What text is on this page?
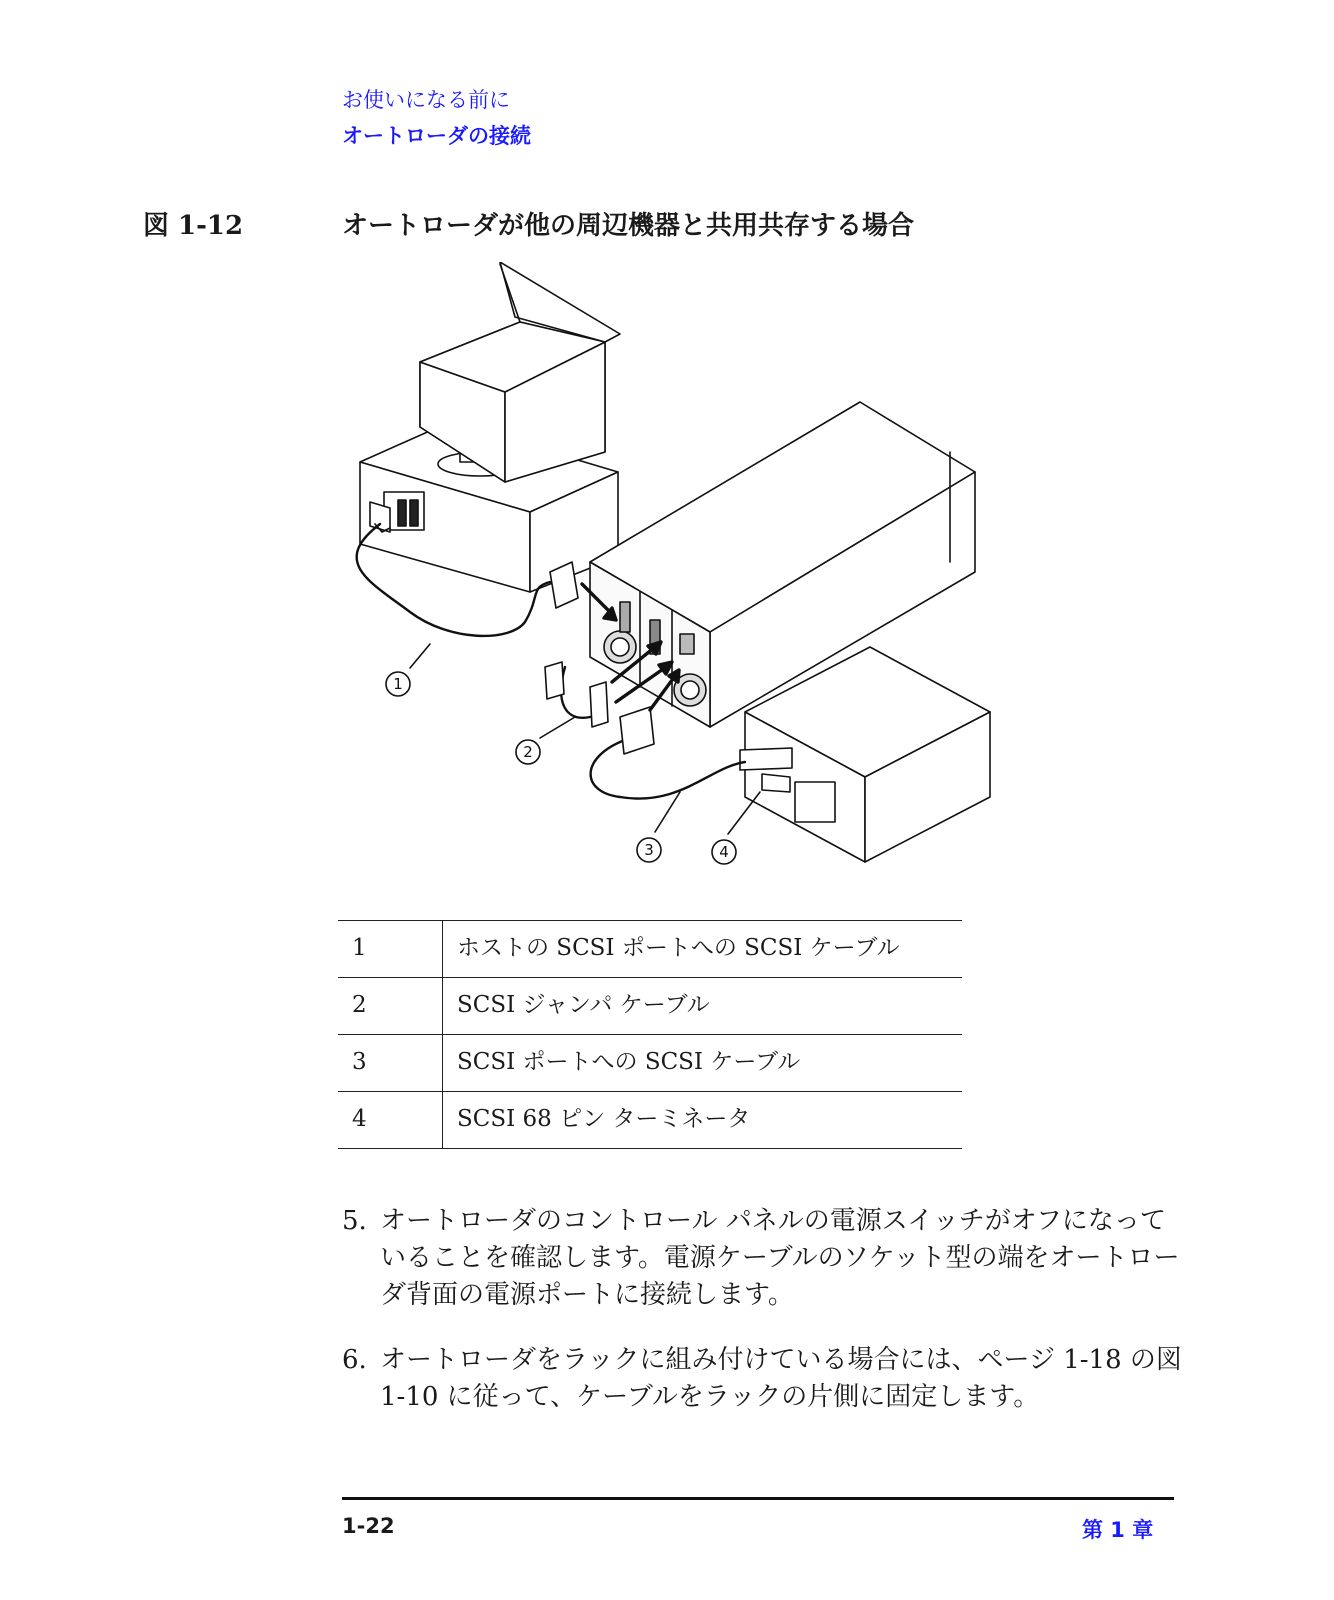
お使いになる前に
オートローダの接続
図 1-12	オートローダが他の周辺機器と共用共存する場合
1
2
3	4
1	ホストの SCSI ポートへの SCSI ケーブル
2	SCSI ジャンパ ケーブル
3	SCSI ポートへの SCSI ケーブル
4	SCSI 68 ピン ターミネータ
5. オートローダのコントロール パネルの電源スイッチがオフになっていることを確認します。電源ケーブルのソケット型の端をオートローダ背面の電源ポートに接続します。
6. オートローダをラックに組み付けている場合には、ページ 1-18 の図 1-10 に従って、ケーブルをラックの片側に固定します。
1-22	第 1 章
